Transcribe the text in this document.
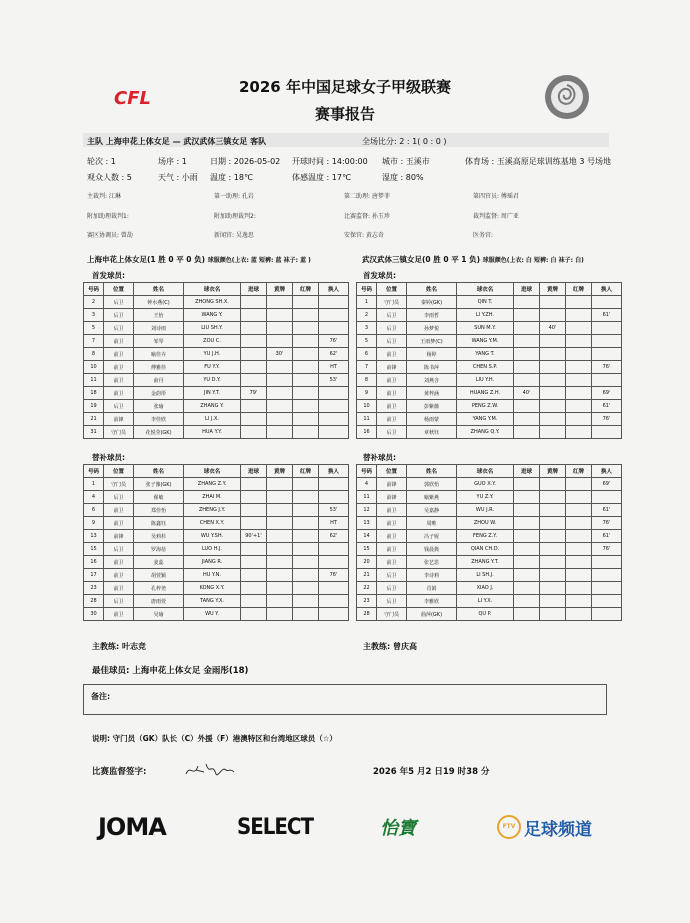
CFL
2026 年中国足球女子甲级联赛
赛事报告
主队 上海申花上体女足 — 武汉武体三镇女足 客队	全场比分: 2 : 1( 0 : 0 )
轮次 : 1	场序 : 1	日期 : 2026-05-02 开球时间 : 14:00:00 城市 : 玉溪市	体育场 : 玉溪高原足球训练基地 3 号场地
观众人数 : 5	天气 : 小雨 温度 : 18℃	体感温度 : 17℃	湿度 : 80%
主裁判: 江琳	第一助理: 孔岩	第二助理: 唐梦菲	第四官员: 傅瑶君
附加助理裁判1:	附加助理裁判2:	比赛监督: 孙玉珍	裁判监督: 周广亚
赛区协调员: 曾劼	新闻官: 吴逸思	安保官: 黄志奇	医务官:
上海申花上体女足(1 胜 0 平 0 负) 球服颜色(上衣: 蓝 短裤: 蓝 袜子: 蓝 )	武汉武体三镇女足(0 胜 0 平 1 负) 球服颜色(上衣: 白 短裤: 白 袜子: 白)
首发球员:	首发球员:
号码	位置	姓名	球衣名	进球	黄牌	红牌	换人
2	后卫	钟水燕(C)	ZHONG SH.X.				
3	后卫	王怡	WANG Y.				
5	后卫	刘诗雨	LIU SH.Y.				
7	前卫	邹琴	ZOU C.				76'
8	前卫	喻佳卉	YU J.H.		30'		62'
10	前卫	傅雅佳	FU Y.Y.				HT
11	前卫	俞丹	YU D.Y.				53'
18	前卫	金韵彤	JIN Y.T.	79'			
19	后卫	张瑜	ZHANG Y.				
21	前锋	李佳欣	LI J.X.				
31	守门员	花悦莹(GK)	HUA Y.Y.				
号码	位置	姓名	球衣名	进球	黄牌	红牌	换人
1	守门员	秦婷(GK)	QIN T.				
2	后卫	李雨哲	LI Y.ZH.				61'
3	后卫	孙梦悦	SUN M.Y.		40'		
5	后卫	王雨梦(C)	WANG Y.M.				
6	前卫	杨婷	YANG T.				
7	前锋	陈书萍	CHEN S.P.				76'
8	前卫	刘燕含	LIU Y.H.				
9	前卫	黄梓涵	HUANG Z.H.	40'			69'
10	前卫	彭紫薇	PENG Z.W.				61'
11	前卫	杨雨蒙	YANG Y.M.				76'
16	后卫	章秋钰	ZHANG Q.Y.				
替补球员:	替补球员:
号码	位置	姓名	球衣名	进球	黄牌	红牌	换人
1	守门员	张子豫(GK)	ZHANG Z.Y.				
4	后卫	翟敏	ZHAI M.				
6	前卫	郑佳怡	ZHENG J.Y.				53'
9	前卫	陈鑫钰	CHEN X.Y.				HT
13	前锋	吴莉杉	WU Y.SH.	90'+1'			62'
15	后卫	罗海蓓	LUO H.J.				
16	前卫	姜蕊	JIANG R.				
17	前卫	胡萱颖	HU Y.N.				76'
23	前卫	孔梓尧	KONG X.Y.				
28	后卫	唐雨萱	TANG Y.X.				
30	前卫	吴瑜	WU Y.				
号码	位置	姓名	球衣名	进球	黄牌	红牌	换人
4	前锋	郭欣怡	GUO X.Y.				69'
11	前锋	喻紫燕	YU Z.Y.				
12	前卫	吴嘉静	WU J.R.				61'
13	前卫	周唯	ZHOU W.				76'
14	前卫	冯子妮	FENG Z.Y.				61'
15	前卫	钱晨典	QIAN CH.D.				76'
20	前卫	张艺思	ZHANG Y.T.				
21	后卫	李诗莉	LI SH.J.				
22	后卫	肖娟	XIAO J.				
23	后卫	李雅欣	LI Y.X.				
28	守门员	曲萍(GK)	QU P.				
主教练: 叶志竞	主教练: 曾庆高
最佳球员: 上海申花上体女足 金雨彤(18)
备注:
说明: 守门员（GK）队长（C）外援（F）港澳特区和台湾地区球员（☆）
比赛监督签字:	2026 年5 月2 日19 时38 分
JOMA	SELECT	怡寶	FTV 足球频道
